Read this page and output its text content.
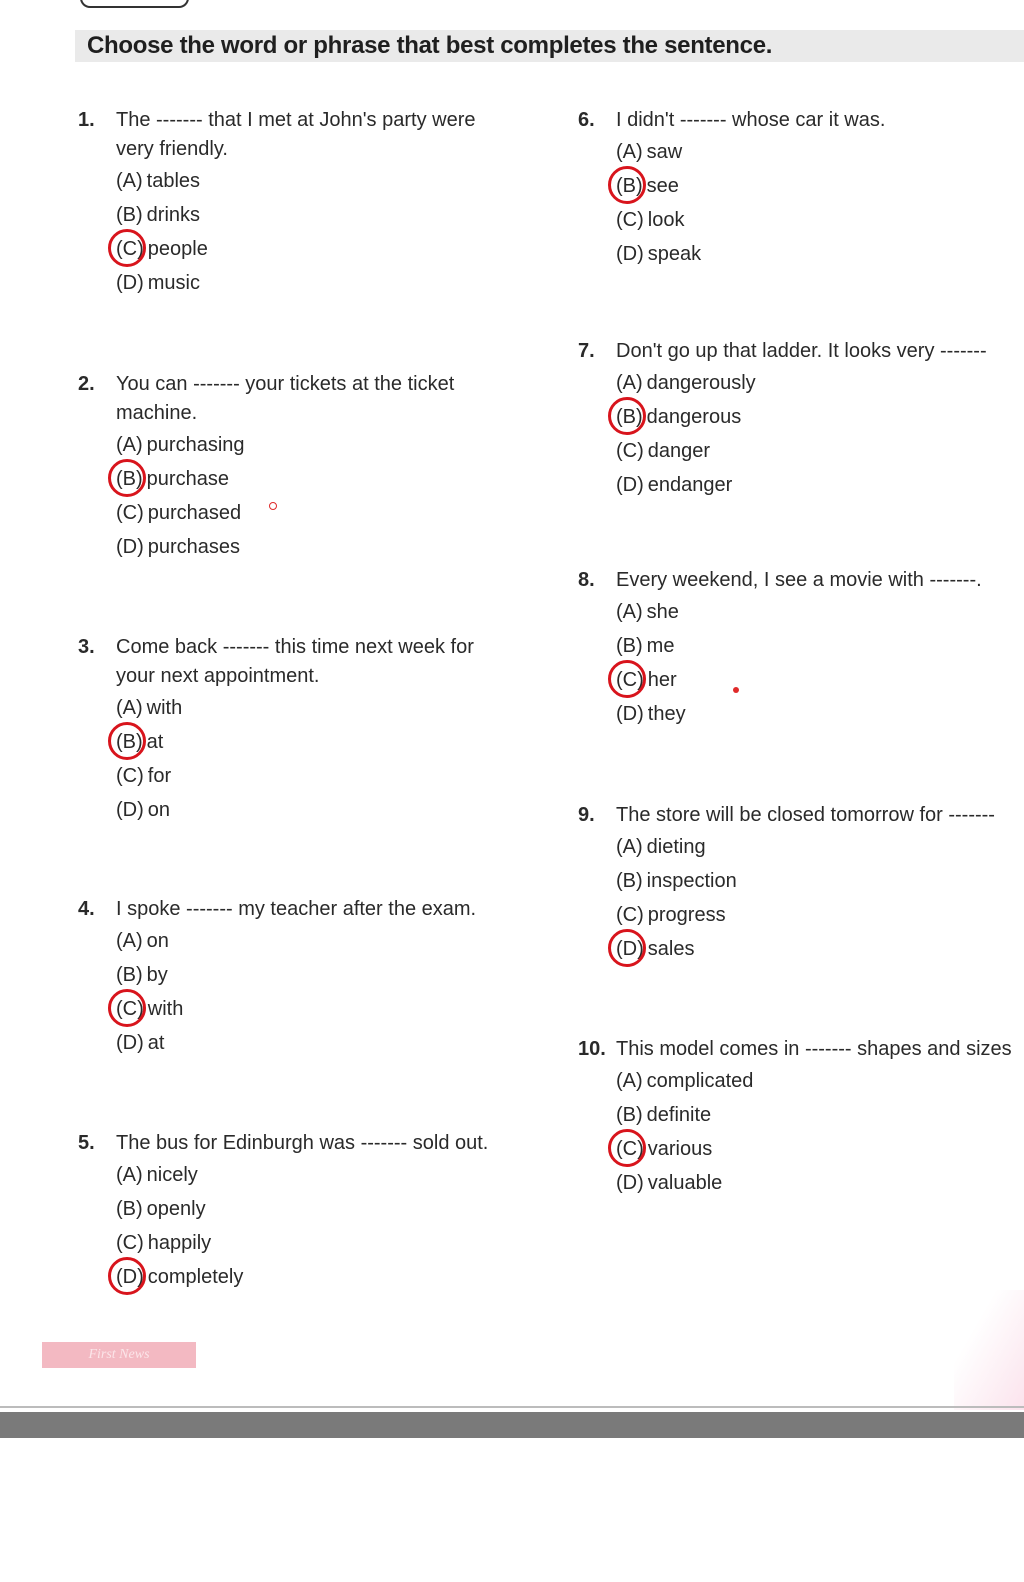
Choose the word or phrase that best completes the sentence.
1. The ------- that I met at John's party were very friendly.
(A) tables
(B) drinks
(C) people
(D) music
2. You can ------- your tickets at the ticket machine.
(A) purchasing
(B) purchase
(C) purchased
(D) purchases
3. Come back ------- this time next week for your next appointment.
(A) with
(B) at
(C) for
(D) on
4. I spoke ------- my teacher after the exam.
(A) on
(B) by
(C) with
(D) at
5. The bus for Edinburgh was ------- sold out.
(A) nicely
(B) openly
(C) happily
(D) completely
6. I didn't ------- whose car it was.
(A) saw
(B) see
(C) look
(D) speak
7. Don't go up that ladder. It looks very -------
(A) dangerously
(B) dangerous
(C) danger
(D) endanger
8. Every weekend, I see a movie with -------.
(A) she
(B) me
(C) her
(D) they
9. The store will be closed tomorrow for -------
(A) dieting
(B) inspection
(C) progress
(D) sales
10. This model comes in ------- shapes and sizes
(A) complicated
(B) definite
(C) various
(D) valuable
First News
